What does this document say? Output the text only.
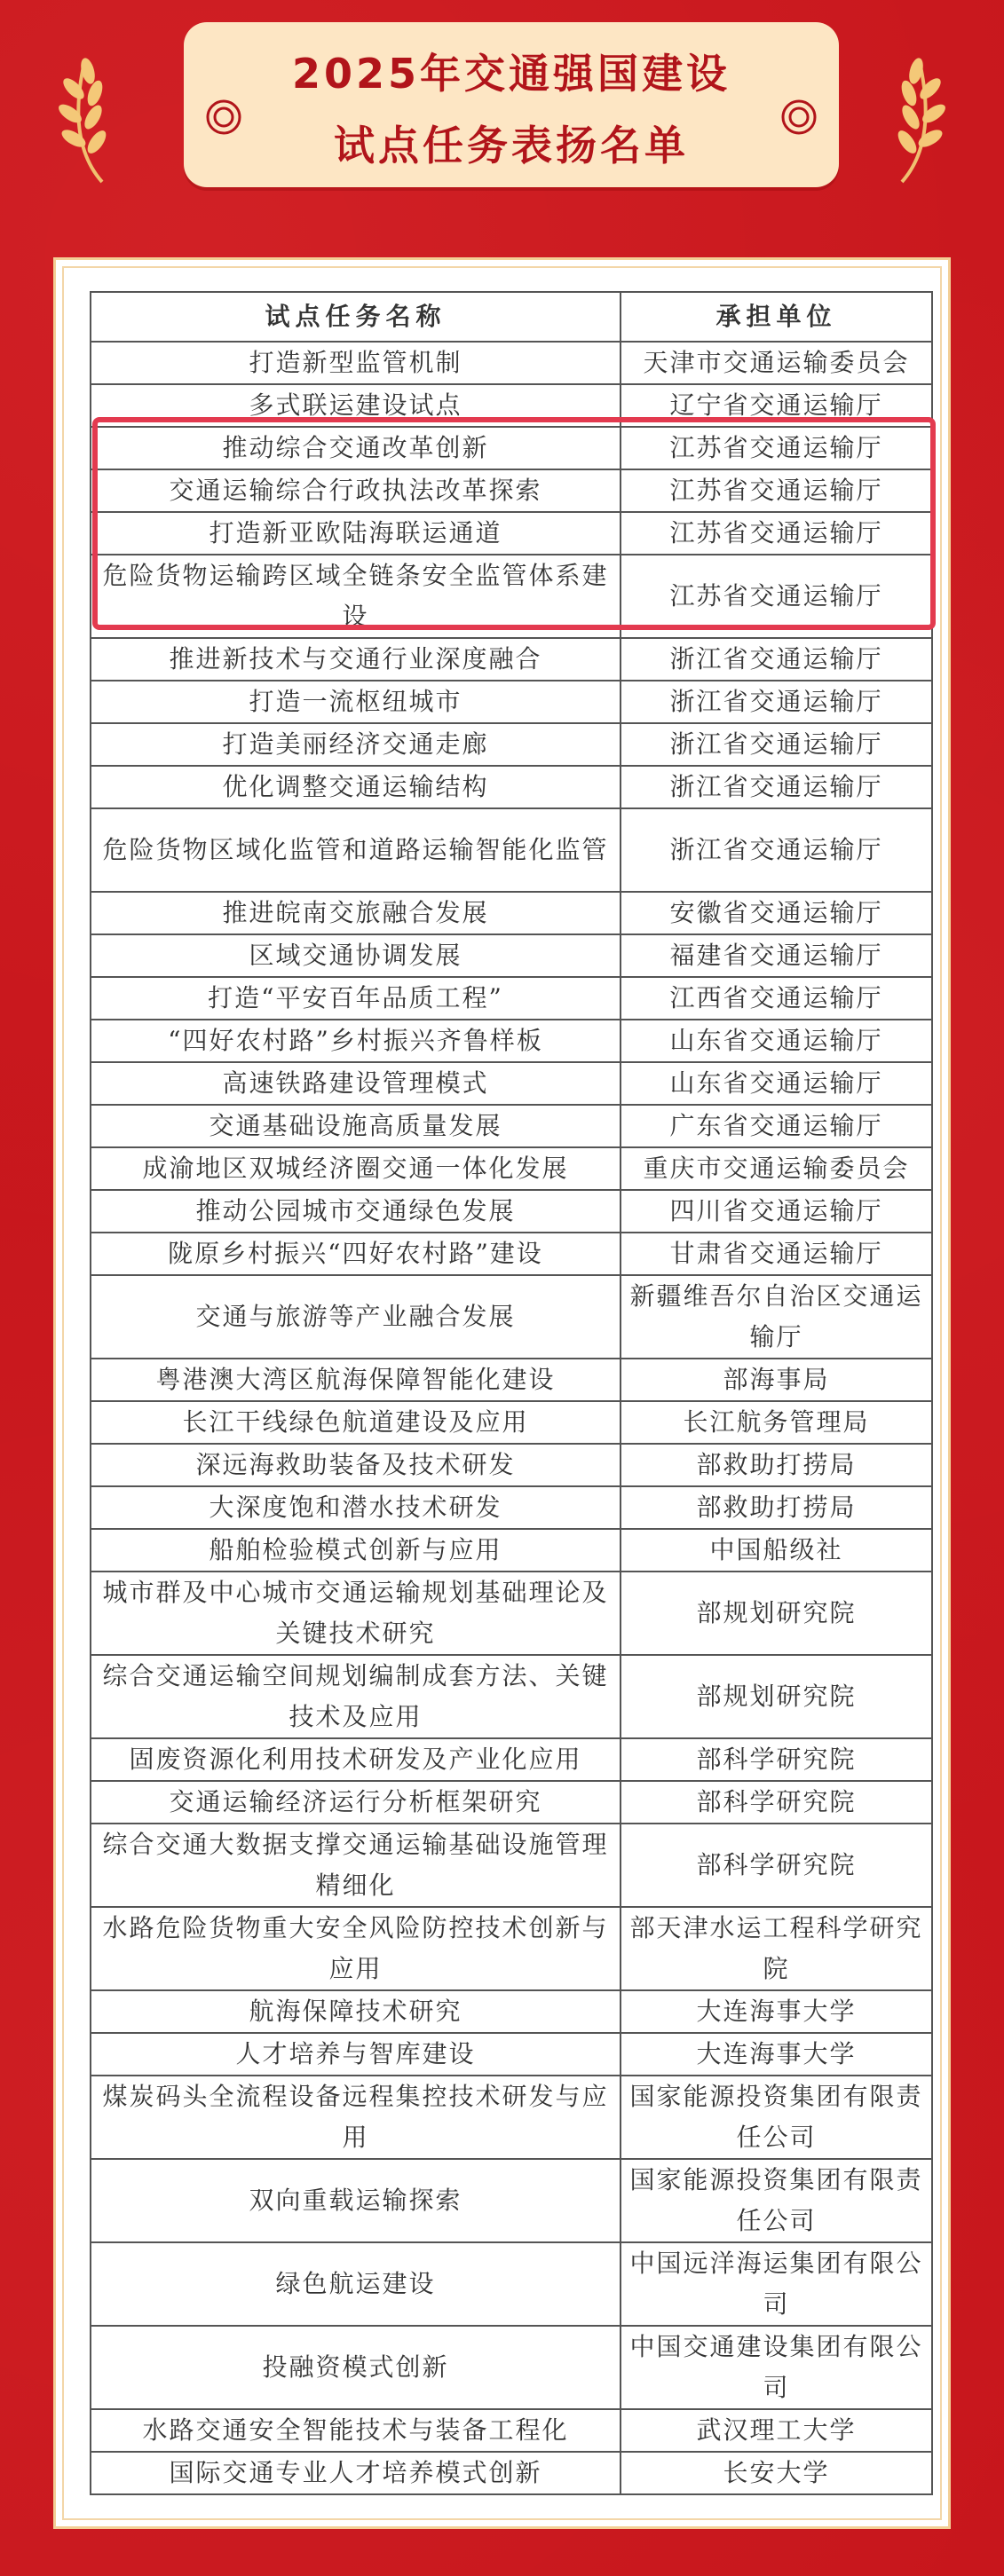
2025年交通强国建设
试点任务表扬名单
试点任务名称	承担单位
打造新型监管机制	天津市交通运输委员会
多式联运建设试点	辽宁省交通运输厅
推动综合交通改革创新	江苏省交通运输厅
交通运输综合行政执法改革探索	江苏省交通运输厅
打造新亚欧陆海联运通道	江苏省交通运输厅
危险货物运输跨区域全链条安全监管体系建设	江苏省交通运输厅
推进新技术与交通行业深度融合	浙江省交通运输厅
打造一流枢纽城市	浙江省交通运输厅
打造美丽经济交通走廊	浙江省交通运输厅
优化调整交通运输结构	浙江省交通运输厅
危险货物区域化监管和道路运输智能化监管	浙江省交通运输厅
推进皖南交旅融合发展	安徽省交通运输厅
区域交通协调发展	福建省交通运输厅
打造“平安百年品质工程”	江西省交通运输厅
“四好农村路”乡村振兴齐鲁样板	山东省交通运输厅
高速铁路建设管理模式	山东省交通运输厅
交通基础设施高质量发展	广东省交通运输厅
成渝地区双城经济圈交通一体化发展	重庆市交通运输委员会
推动公园城市交通绿色发展	四川省交通运输厅
陇原乡村振兴“四好农村路”建设	甘肃省交通运输厅
交通与旅游等产业融合发展	新疆维吾尔自治区交通运输厅
粤港澳大湾区航海保障智能化建设	部海事局
长江干线绿色航道建设及应用	长江航务管理局
深远海救助装备及技术研发	部救助打捞局
大深度饱和潜水技术研发	部救助打捞局
船舶检验模式创新与应用	中国船级社
城市群及中心城市交通运输规划基础理论及关键技术研究	部规划研究院
综合交通运输空间规划编制成套方法、关键技术及应用	部规划研究院
固废资源化利用技术研发及产业化应用	部科学研究院
交通运输经济运行分析框架研究	部科学研究院
综合交通大数据支撑交通运输基础设施管理精细化	部科学研究院
水路危险货物重大安全风险防控技术创新与应用	部天津水运工程科学研究院
航海保障技术研究	大连海事大学
人才培养与智库建设	大连海事大学
煤炭码头全流程设备远程集控技术研发与应用	国家能源投资集团有限责任公司
双向重载运输探索	国家能源投资集团有限责任公司
绿色航运建设	中国远洋海运集团有限公司
投融资模式创新	中国交通建设集团有限公司
水路交通安全智能技术与装备工程化	武汉理工大学
国际交通专业人才培养模式创新	长安大学
